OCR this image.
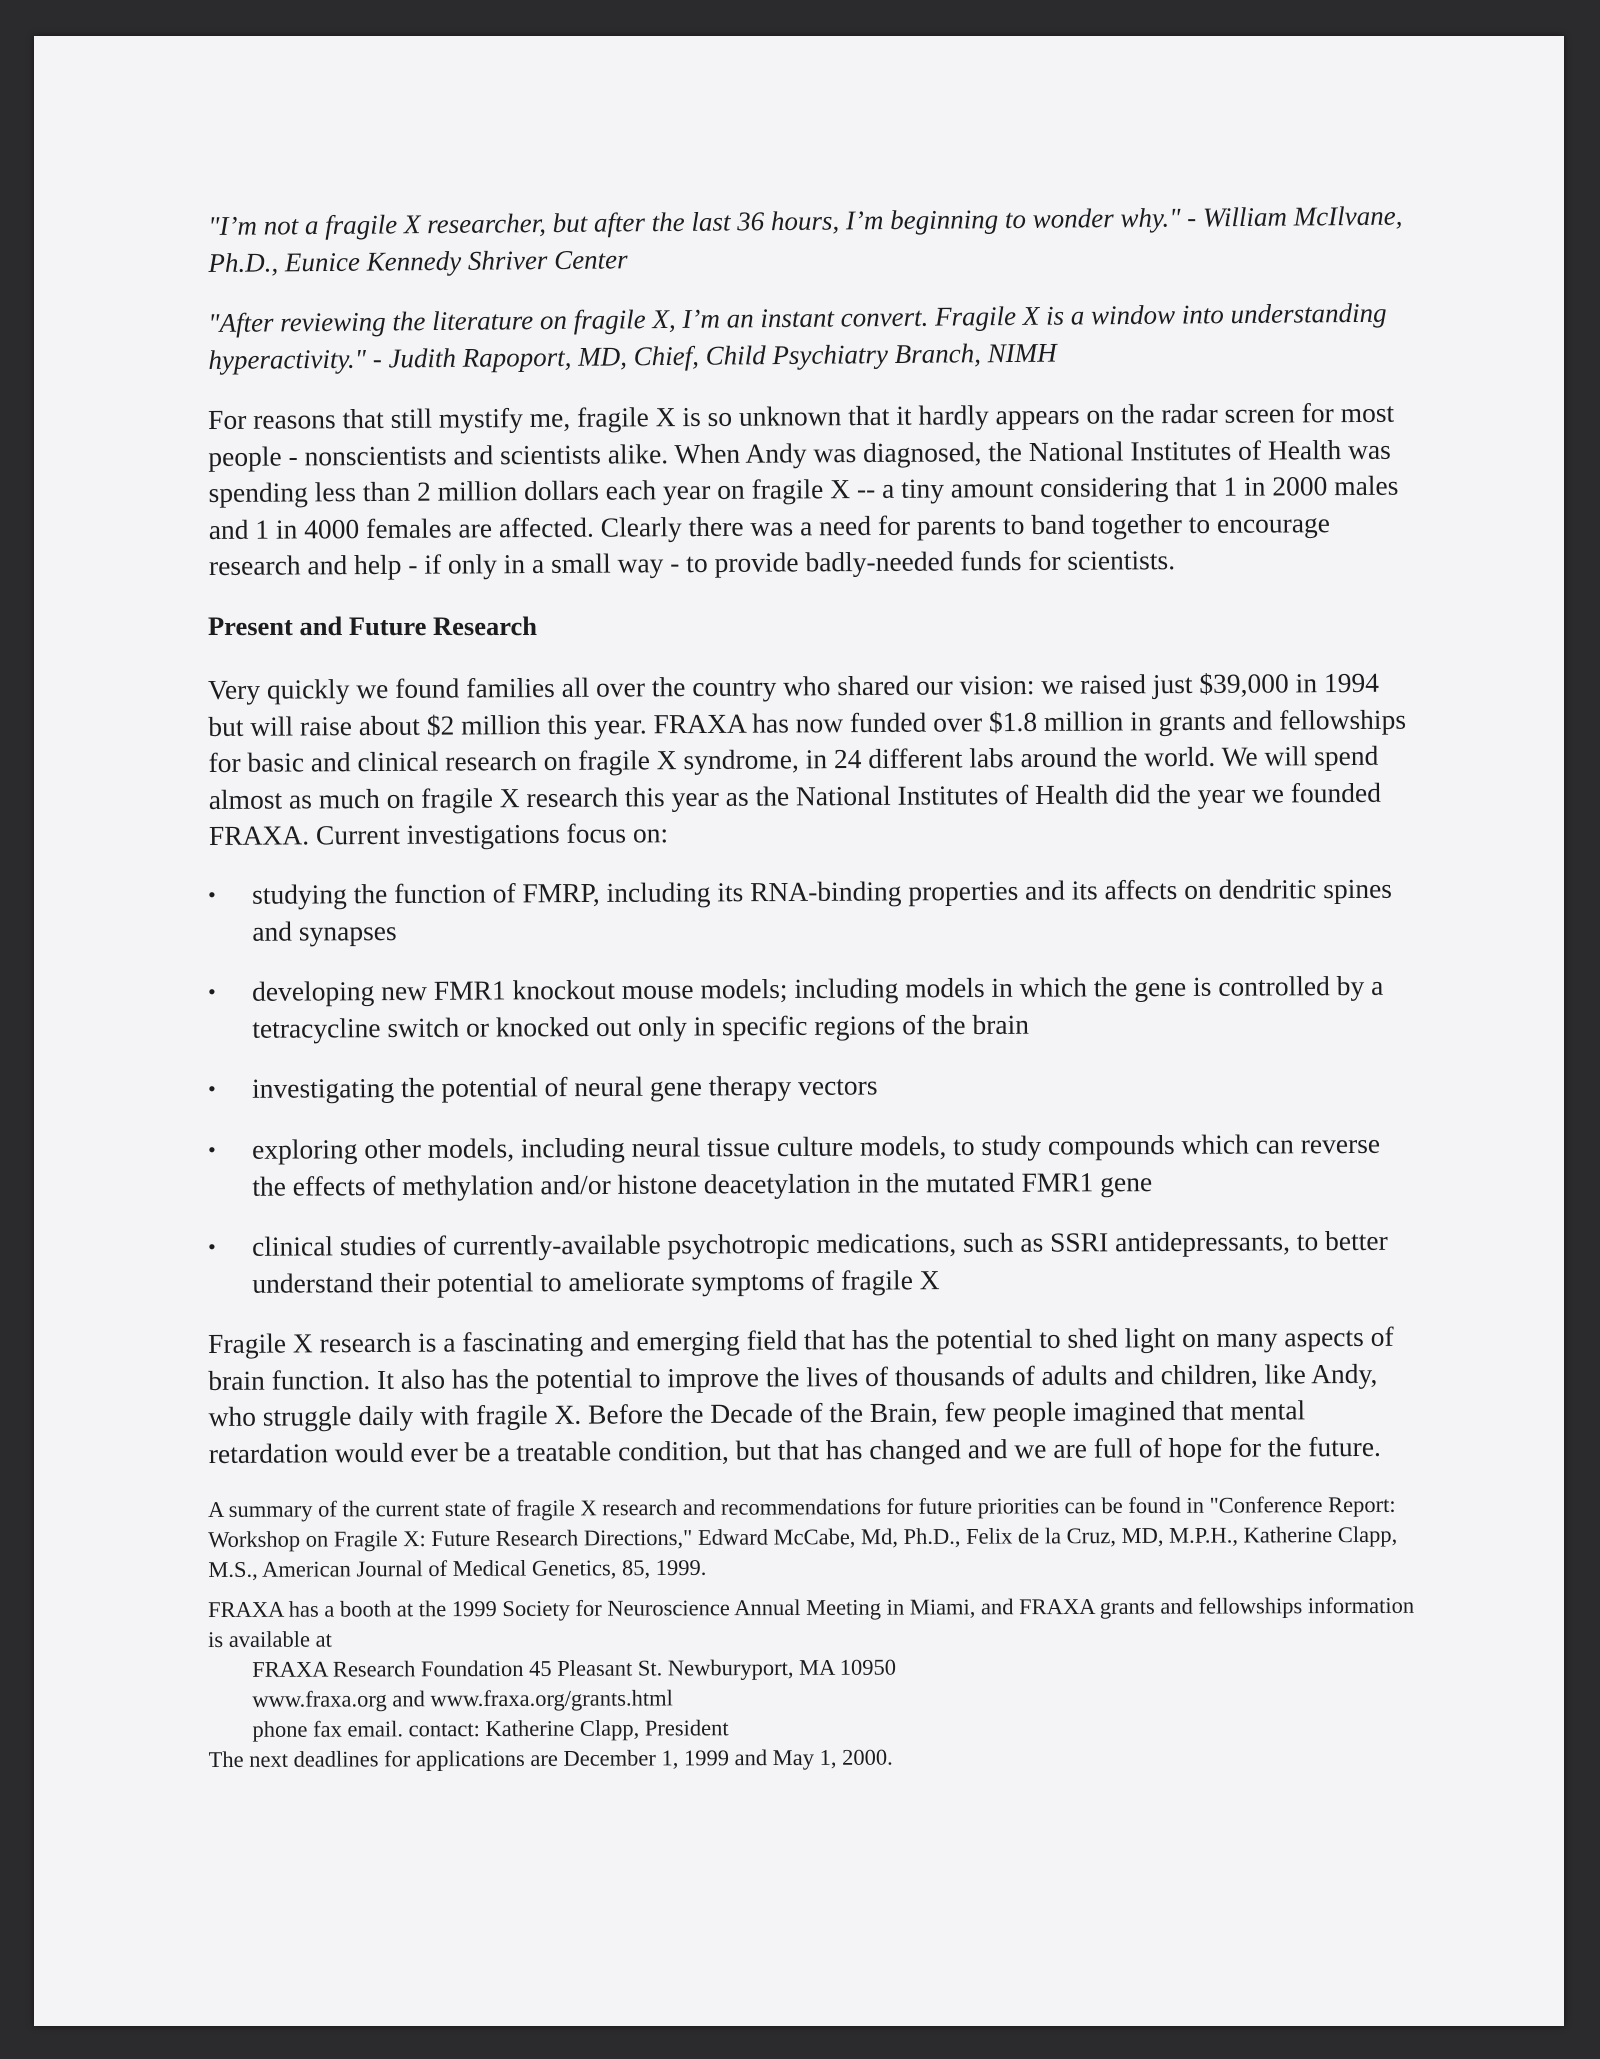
"I’m not a fragile X researcher, but after the last 36 hours, I’m beginning to wonder why." - William McIlvane, Ph.D., Eunice Kennedy Shriver Center

"After reviewing the literature on fragile X, I’m an instant convert. Fragile X is a window into understanding hyperactivity." - Judith Rapoport, MD, Chief, Child Psychiatry Branch, NIMH

For reasons that still mystify me, fragile X is so unknown that it hardly appears on the radar screen for most people - nonscientists and scientists alike. When Andy was diagnosed, the National Institutes of Health was spending less than 2 million dollars each year on fragile X -- a tiny amount considering that 1 in 2000 males and 1 in 4000 females are affected. Clearly there was a need for parents to band together to encourage research and help - if only in a small way - to provide badly-needed funds for scientists.

Present and Future Research

Very quickly we found families all over the country who shared our vision: we raised just $39,000 in 1994 but will raise about $2 million this year. FRAXA has now funded over $1.8 million in grants and fellowships for basic and clinical research on fragile X syndrome, in 24 different labs around the world. We will spend almost as much on fragile X research this year as the National Institutes of Health did the year we founded FRAXA. Current investigations focus on:

• studying the function of FMRP, including its RNA-binding properties and its affects on dendritic spines and synapses
• developing new FMR1 knockout mouse models; including models in which the gene is controlled by a tetracycline switch or knocked out only in specific regions of the brain
• investigating the potential of neural gene therapy vectors
• exploring other models, including neural tissue culture models, to study compounds which can reverse the effects of methylation and/or histone deacetylation in the mutated FMR1 gene
• clinical studies of currently-available psychotropic medications, such as SSRI antidepressants, to better understand their potential to ameliorate symptoms of fragile X

Fragile X research is a fascinating and emerging field that has the potential to shed light on many aspects of brain function. It also has the potential to improve the lives of thousands of adults and children, like Andy, who struggle daily with fragile X. Before the Decade of the Brain, few people imagined that mental retardation would ever be a treatable condition, but that has changed and we are full of hope for the future.

A summary of the current state of fragile X research and recommendations for future priorities can be found in "Conference Report: Workshop on Fragile X: Future Research Directions," Edward McCabe, Md, Ph.D., Felix de la Cruz, MD, M.P.H., Katherine Clapp, M.S., American Journal of Medical Genetics, 85, 1999.

FRAXA has a booth at the 1999 Society for Neuroscience Annual Meeting in Miami, and FRAXA grants and fellowships information is available at
FRAXA Research Foundation 45 Pleasant St. Newburyport, MA 10950
www.fraxa.org and www.fraxa.org/grants.html
phone fax email. contact: Katherine Clapp, President
The next deadlines for applications are December 1, 1999 and May 1, 2000.
